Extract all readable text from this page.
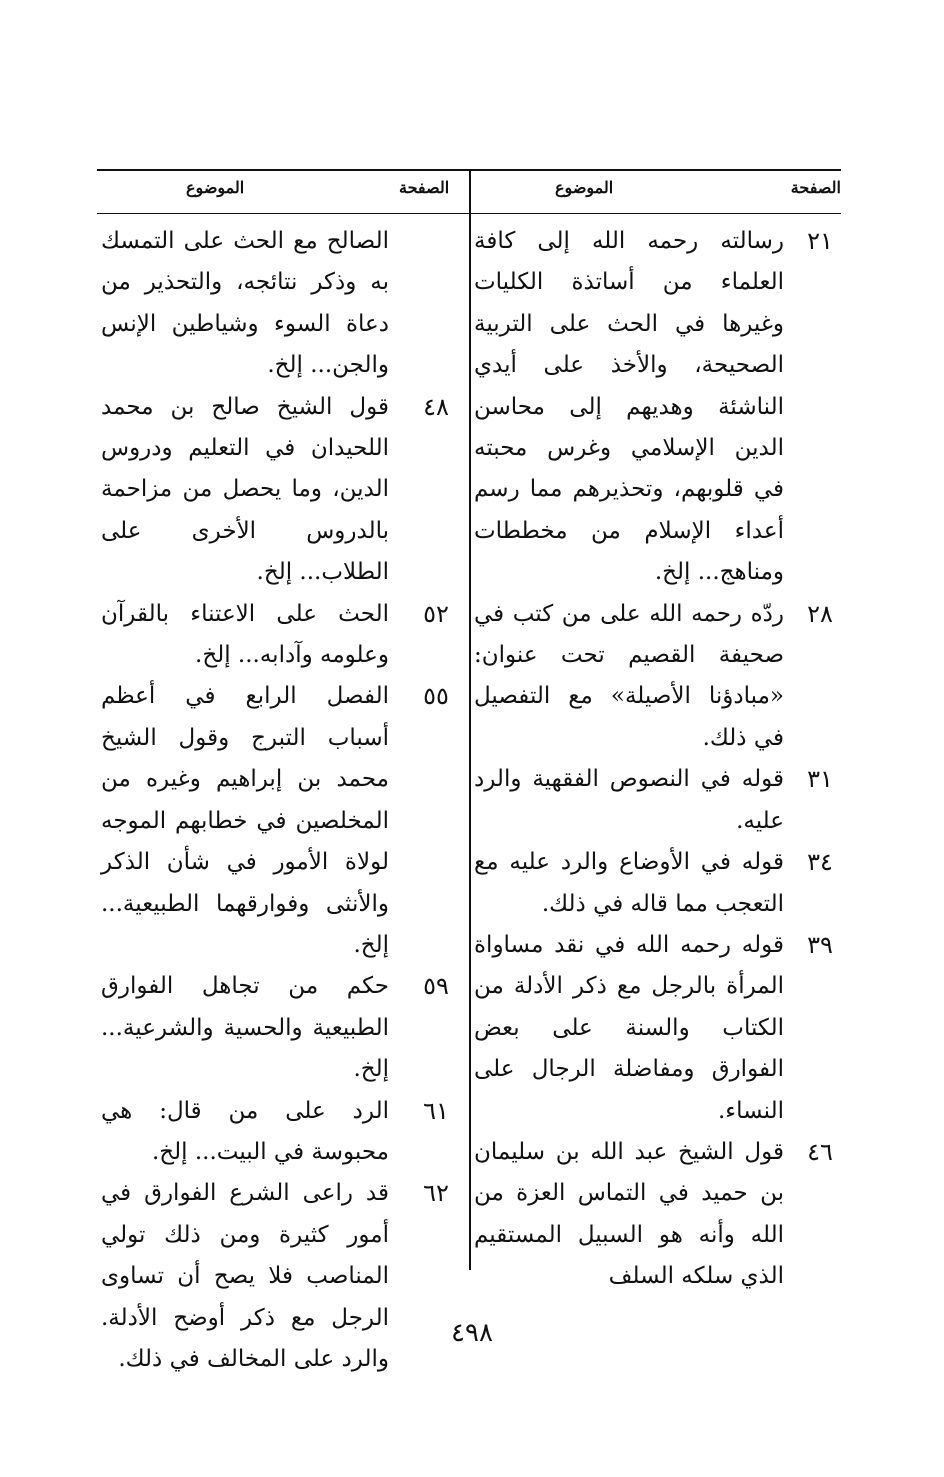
الصفحة
الموضوع
الصفحة
الموضوع
٢١
رسالته رحمه الله إلى كافة العلماء من أساتذة الكليات وغيرها في الحث على التربية الصحيحة، والأخذ على أيدي الناشئة وهديهم إلى محاسن الدين الإسلامي وغرس محبته في قلوبهم، وتحذيرهم مما رسم أعداء الإسلام من مخططات ومناهج... إلخ.
٢٨
ردّه رحمه الله على من كتب في صحيفة القصيم تحت عنوان: «مبادؤنا الأصيلة» مع التفصيل في ذلك.
٣١
قوله في النصوص الفقهية والرد عليه.
٣٤
قوله في الأوضاع والرد عليه مع التعجب مما قاله في ذلك.
٣٩
قوله رحمه الله في نقد مساواة المرأة بالرجل مع ذكر الأدلة من الكتاب والسنة على بعض الفوارق ومفاضلة الرجال على النساء.
٤٦
قول الشيخ عبد الله بن سليمان بن حميد في التماس العزة من الله وأنه هو السبيل المستقيم الذي سلكه السلف
الصالح مع الحث على التمسك به وذكر نتائجه، والتحذير من دعاة السوء وشياطين الإنس والجن... إلخ.
٤٨
قول الشيخ صالح بن محمد اللحيدان في التعليم ودروس الدين، وما يحصل من مزاحمة بالدروس الأخرى على الطلاب... إلخ.
٥٢
الحث على الاعتناء بالقرآن وعلومه وآدابه... إلخ.
٥٥
الفصل الرابع في أعظم أسباب التبرج وقول الشيخ محمد بن إبراهيم وغيره من المخلصين في خطابهم الموجه لولاة الأمور في شأن الذكر والأنثى وفوارقهما الطبيعية... إلخ.
٥٩
حكم من تجاهل الفوارق الطبيعية والحسية والشرعية... إلخ.
٦١
الرد على من قال: هي محبوسة في البيت... إلخ.
٦٢
قد راعى الشرع الفوارق في أمور كثيرة ومن ذلك تولي المناصب فلا يصح أن تساوى الرجل مع ذكر أوضح الأدلة. والرد على المخالف في ذلك.
٤٩٨
